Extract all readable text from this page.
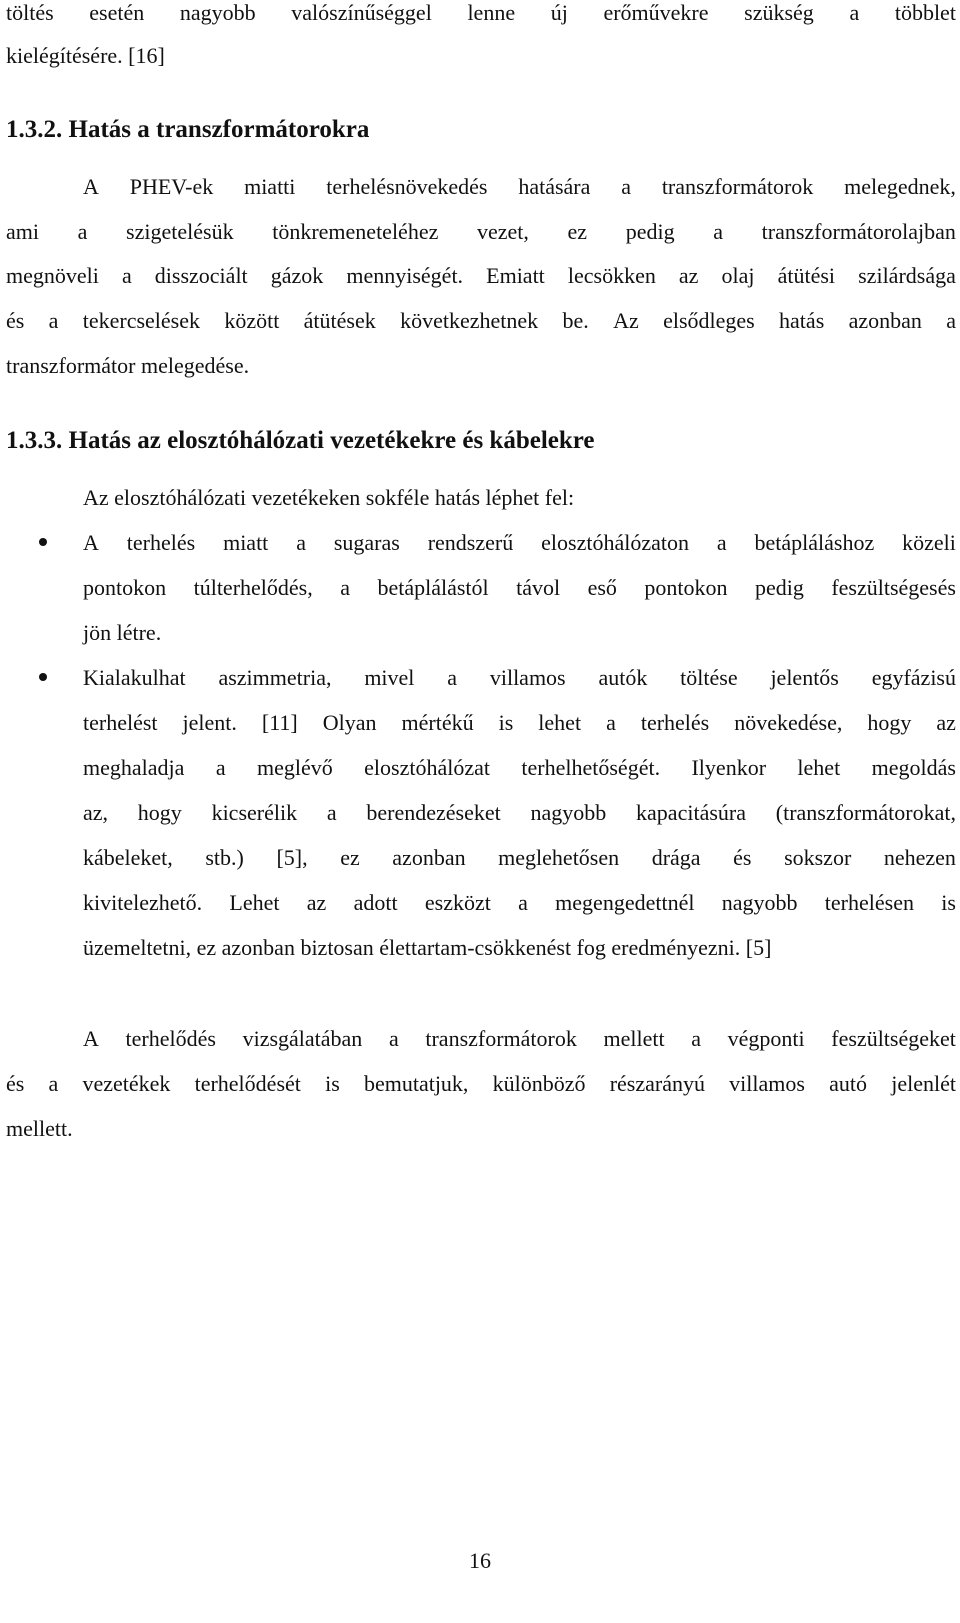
töltés esetén nagyobb valószínűséggel lenne új erőművekre szükség a többlet
kielégítésére. [16]
1.3.2. Hatás a transzformátorokra
A PHEV-ek miatti terhelésnövekedés hatására a transzformátorok melegednek,
ami a szigetelésük tönkremeneteléhez vezet, ez pedig a transzformátorolajban
megnöveli a disszociált gázok mennyiségét. Emiatt lecsökken az olaj átütési szilárdsága
és a tekercselések között átütések következhetnek be. Az elsődleges hatás azonban a
transzformátor melegedése.
1.3.3. Hatás az elosztóhálózati vezetékekre és kábelekre
Az elosztóhálózati vezetékeken sokféle hatás léphet fel:
A terhelés miatt a sugaras rendszerű elosztóhálózaton a betápláláshoz közeli
pontokon túlterhelődés, a betáplálástól távol eső pontokon pedig feszültségesés
jön létre.
Kialakulhat aszimmetria, mivel a villamos autók töltése jelentős egyfázisú
terhelést jelent. [11] Olyan mértékű is lehet a terhelés növekedése, hogy az
meghaladja a meglévő elosztóhálózat terhelhetőségét. Ilyenkor lehet megoldás
az, hogy kicserélik a berendezéseket nagyobb kapacitásúra (transzformátorokat,
kábeleket, stb.) [5], ez azonban meglehetősen drága és sokszor nehezen
kivitelezhető. Lehet az adott eszközt a megengedettnél nagyobb terhelésen is
üzemeltetni, ez azonban biztosan élettartam-csökkenést fog eredményezni. [5]
A terhelődés vizsgálatában a transzformátorok mellett a végponti feszültségeket
és a vezetékek terhelődését is bemutatjuk, különböző részarányú villamos autó jelenlét
mellett.
16
